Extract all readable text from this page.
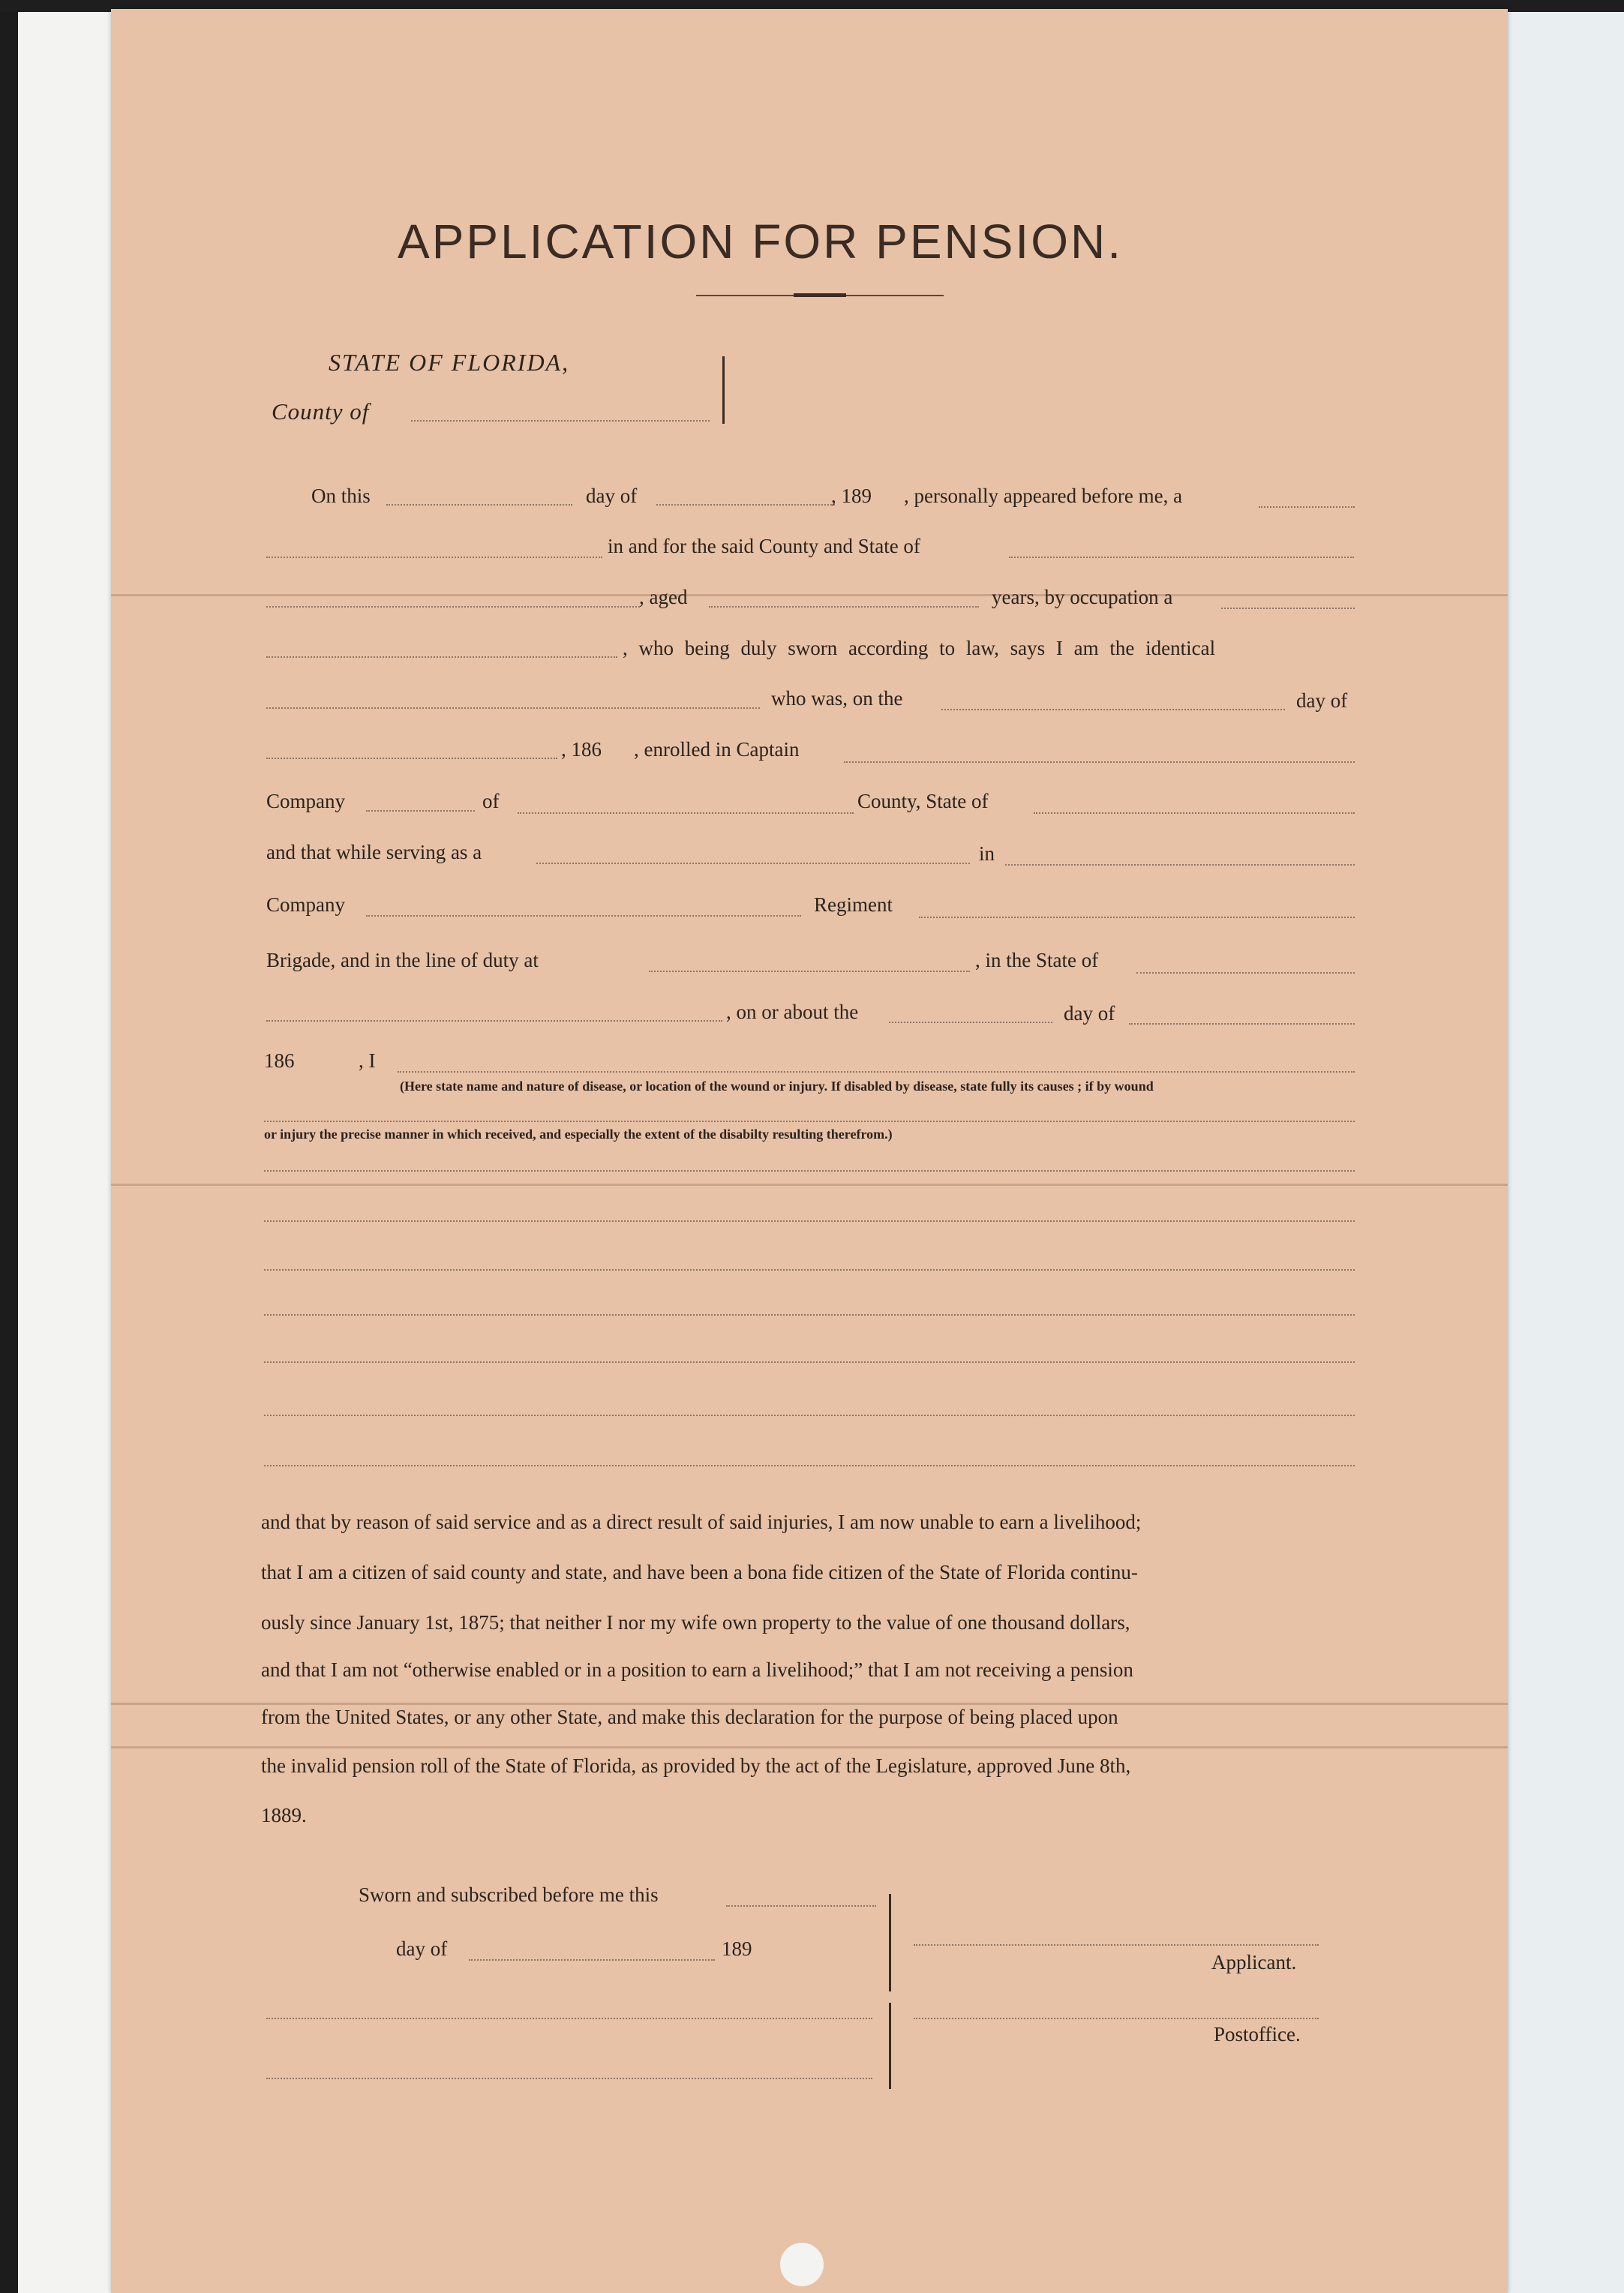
APPLICATION FOR PENSION.
STATE OF FLORIDA,
County of
On this	day of	, 189 , personally appeared before me, a
in and for the said County and State of
, aged	years, by occupation a
, who being duly sworn according to law, says I am the identical
who was, on the	day of
, 186 , enrolled in Captain
Company	of	County, State of
and that while serving as a	in
Company	Regiment
Brigade, and in the line of duty at	, in the State of
, on or about the	day of
186	, I
(Here state name and nature of disease, or location of the wound or injury. If disabled by disease, state fully its causes ; if by wound
or injury the precise manner in which received, and especially the extent of the disabilty resulting therefrom.)
and that by reason of said service and as a direct result of said injuries, I am now unable to earn a livelihood;
that I am a citizen of said county and state, and have been a bona fide citizen of the State of Florida continu-
ously since January 1st, 1875; that neither I nor my wife own property to the value of one thousand dollars,
and that I am not “otherwise enabled or in a position to earn a livelihood;” that I am not receiving a pension
from the United States, or any other State, and make this declaration for the purpose of being placed upon
the invalid pension roll of the State of Florida, as provided by the act of the Legislature, approved June 8th,
1889.
Sworn and subscribed before me this
day of	189
Applicant.
Postoffice.
